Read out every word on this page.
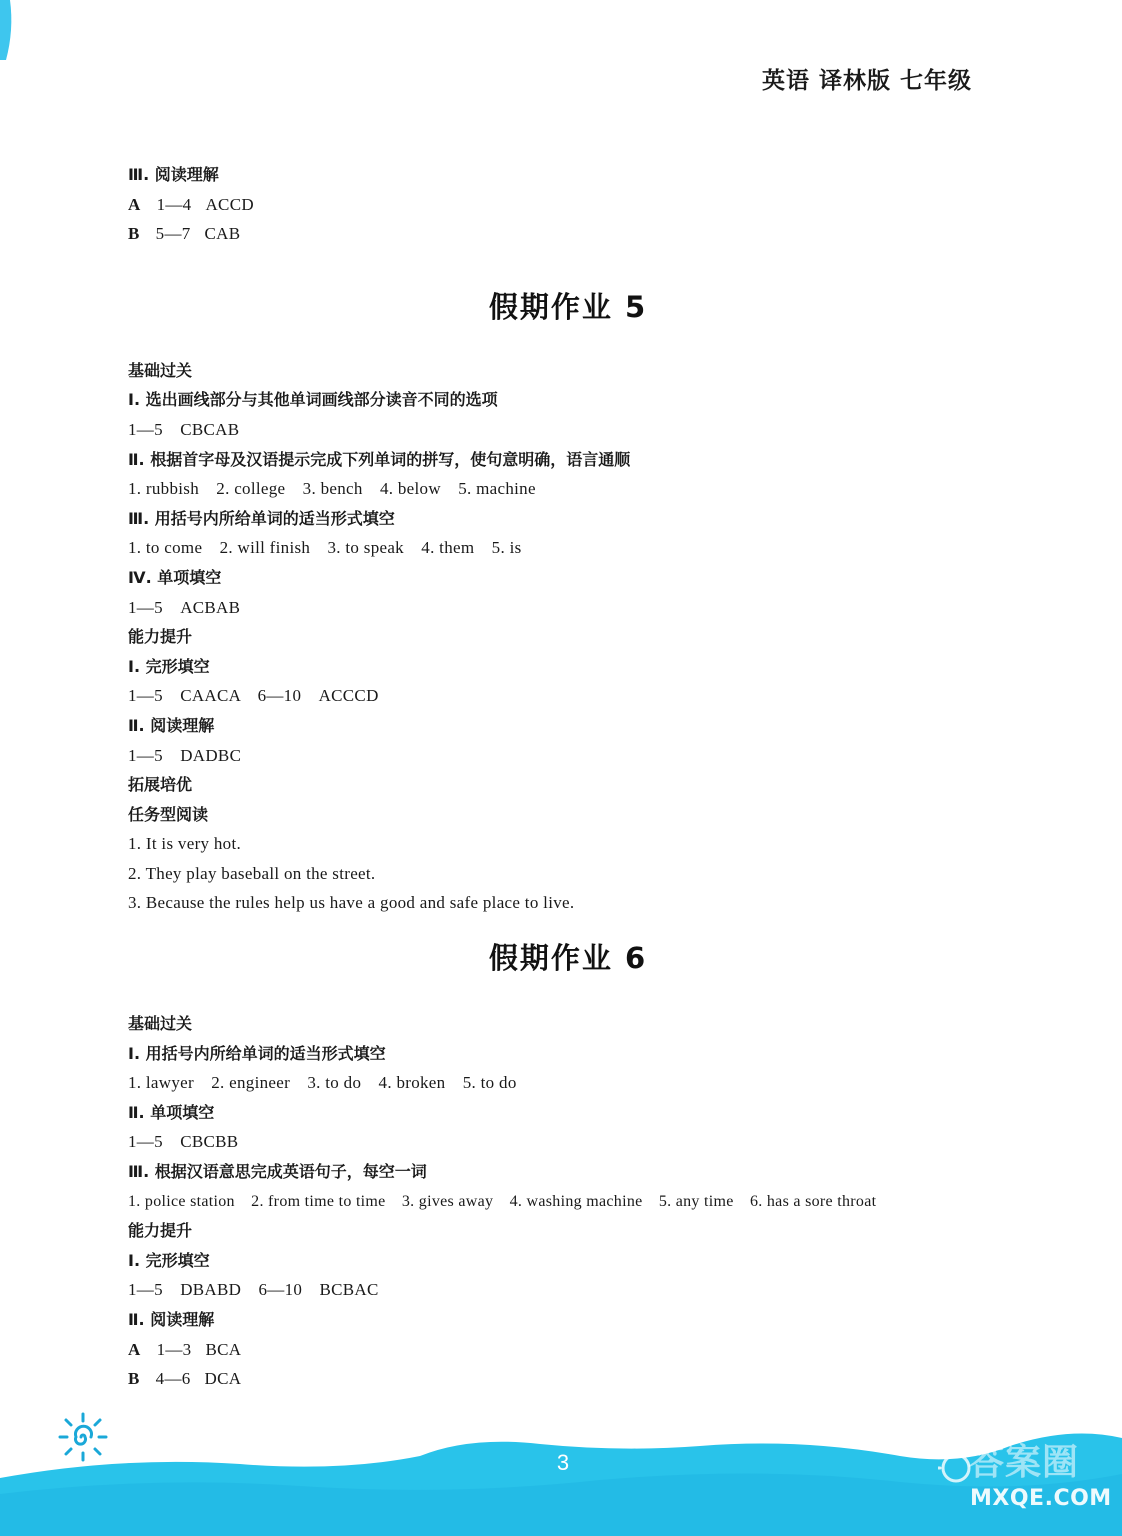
英语 译林版 七年级
Ⅲ. 阅读理解
A 1—4 ACCD
B 5—7 CAB
假期作业 5
基础过关
Ⅰ. 选出画线部分与其他单词画线部分读音不同的选项
1—5　CBCAB
Ⅱ. 根据首字母及汉语提示完成下列单词的拼写，使句意明确，语言通顺
1. rubbish　2. college　3. bench　4. below　5. machine
Ⅲ. 用括号内所给单词的适当形式填空
1. to come　2. will finish　3. to speak　4. them　5. is
Ⅳ. 单项填空
1—5　ACBAB
能力提升
Ⅰ. 完形填空
1—5　CAACA　6—10　ACCCD
Ⅱ. 阅读理解
1—5　DADBC
拓展培优
任务型阅读
1. It is very hot.
2. They play baseball on the street.
3. Because the rules help us have a good and safe place to live.
假期作业 6
基础过关
Ⅰ. 用括号内所给单词的适当形式填空
1. lawyer　2. engineer　3. to do　4. broken　5. to do
Ⅱ. 单项填空
1—5　CBCBB
Ⅲ. 根据汉语意思完成英语句子，每空一词
1. police station　2. from time to time　3. gives away　4. washing machine　5. any time　6. has a sore throat
能力提升
Ⅰ. 完形填空
1—5　DBABD　6—10　BCBAC
Ⅱ. 阅读理解
A 1—3 BCA
B 4—6 DCA
3	答案圈
MXQE.COM
